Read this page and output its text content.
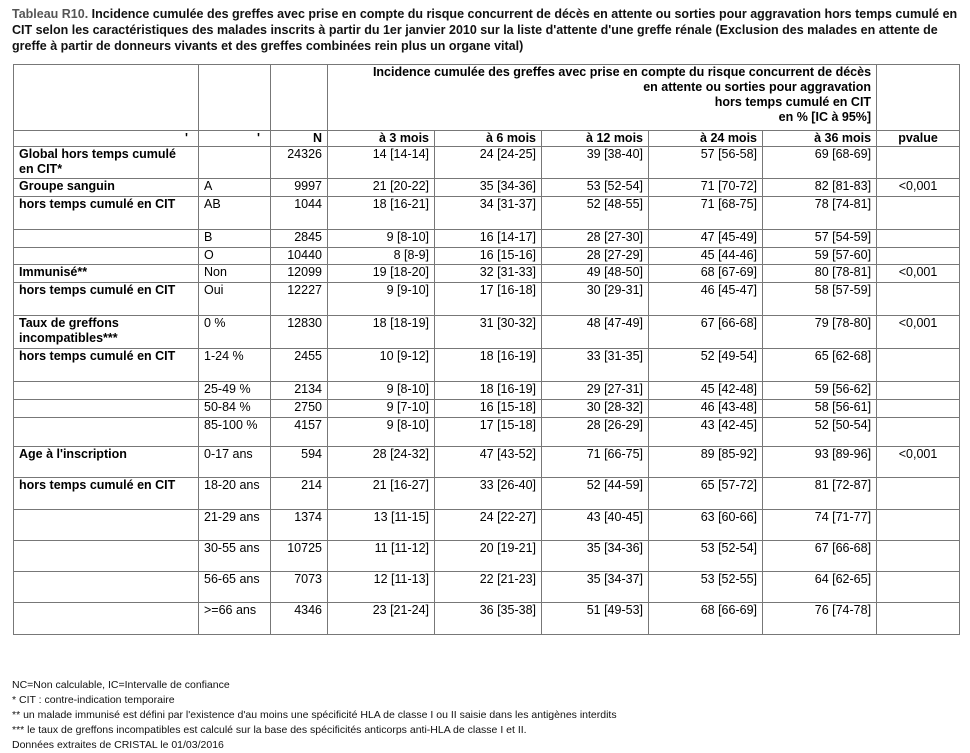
Tableau R10. Incidence cumulée des greffes avec prise en compte du risque concurrent de décès en attente ou sorties pour aggravation hors temps cumulé en CIT selon les caractéristiques des malades inscrits à partir du 1er janvier 2010 sur la liste d'attente d'une greffe rénale (Exclusion des malades en attente de greffe à partir de donneurs vivants et des greffes combinées rein plus un organe vital)

			Incidence cumulée des greffes avec prise en compte du risque concurrent de décès
en attente ou sorties pour aggravation
hors temps cumulé en CIT
en % [IC à 95%]					

'	'	N	à 3 mois	à 6 mois	à 12 mois	à 24 mois	à 36 mois	pvalue
Global hors temps cumulé en CIT*		24326	14 [14-14]	24 [24-25]	39 [38-40]	57 [56-58]	69 [68-69]	
Groupe sanguin	A	9997	21 [20-22]	35 [34-36]	53 [52-54]	71 [70-72]	82 [81-83]	<0,001
hors temps cumulé en CIT	AB	1044	18 [16-21]	34 [31-37]	52 [48-55]	71 [68-75]	78 [74-81]	
	B	2845	9 [8-10]	16 [14-17]	28 [27-30]	47 [45-49]	57 [54-59]	
	O	10440	8 [8-9]	16 [15-16]	28 [27-29]	45 [44-46]	59 [57-60]	
Immunisé**	Non	12099	19 [18-20]	32 [31-33]	49 [48-50]	68 [67-69]	80 [78-81]	<0,001
hors temps cumulé en CIT	Oui	12227	9 [9-10]	17 [16-18]	30 [29-31]	46 [45-47]	58 [57-59]	
Taux de greffons incompatibles***	0 %	12830	18 [18-19]	31 [30-32]	48 [47-49]	67 [66-68]	79 [78-80]	<0,001
hors temps cumulé en CIT	1-24 %	2455	10 [9-12]	18 [16-19]	33 [31-35]	52 [49-54]	65 [62-68]	
	25-49 %	2134	9 [8-10]	18 [16-19]	29 [27-31]	45 [42-48]	59 [56-62]	
	50-84 %	2750	9 [7-10]	16 [15-18]	30 [28-32]	46 [43-48]	58 [56-61]	
	85-100 %	4157	9 [8-10]	17 [15-18]	28 [26-29]	43 [42-45]	52 [50-54]	
Age à l'inscription	0-17 ans	594	28 [24-32]	47 [43-52]	71 [66-75]	89 [85-92]	93 [89-96]	<0,001
hors temps cumulé en CIT	18-20 ans	214	21 [16-27]	33 [26-40]	52 [44-59]	65 [57-72]	81 [72-87]	
	21-29 ans	1374	13 [11-15]	24 [22-27]	43 [40-45]	63 [60-66]	74 [71-77]	
	30-55 ans	10725	11 [11-12]	20 [19-21]	35 [34-36]	53 [52-54]	67 [66-68]	
	56-65 ans	7073	12 [11-13]	22 [21-23]	35 [34-37]	53 [52-55]	64 [62-65]	
	>=66 ans	4346	23 [21-24]	36 [35-38]	51 [49-53]	68 [66-69]	76 [74-78]	
NC=Non calculable, IC=Intervalle de confiance
* CIT : contre-indication temporaire
** un malade immunisé est défini par l'existence d'au moins une spécificité HLA de classe I ou II saisie dans les antigènes interdits
*** le taux de greffons incompatibles est calculé sur la base des spécificités anticorps anti-HLA de classe I et II.
Données extraites de CRISTAL le 01/03/2016
